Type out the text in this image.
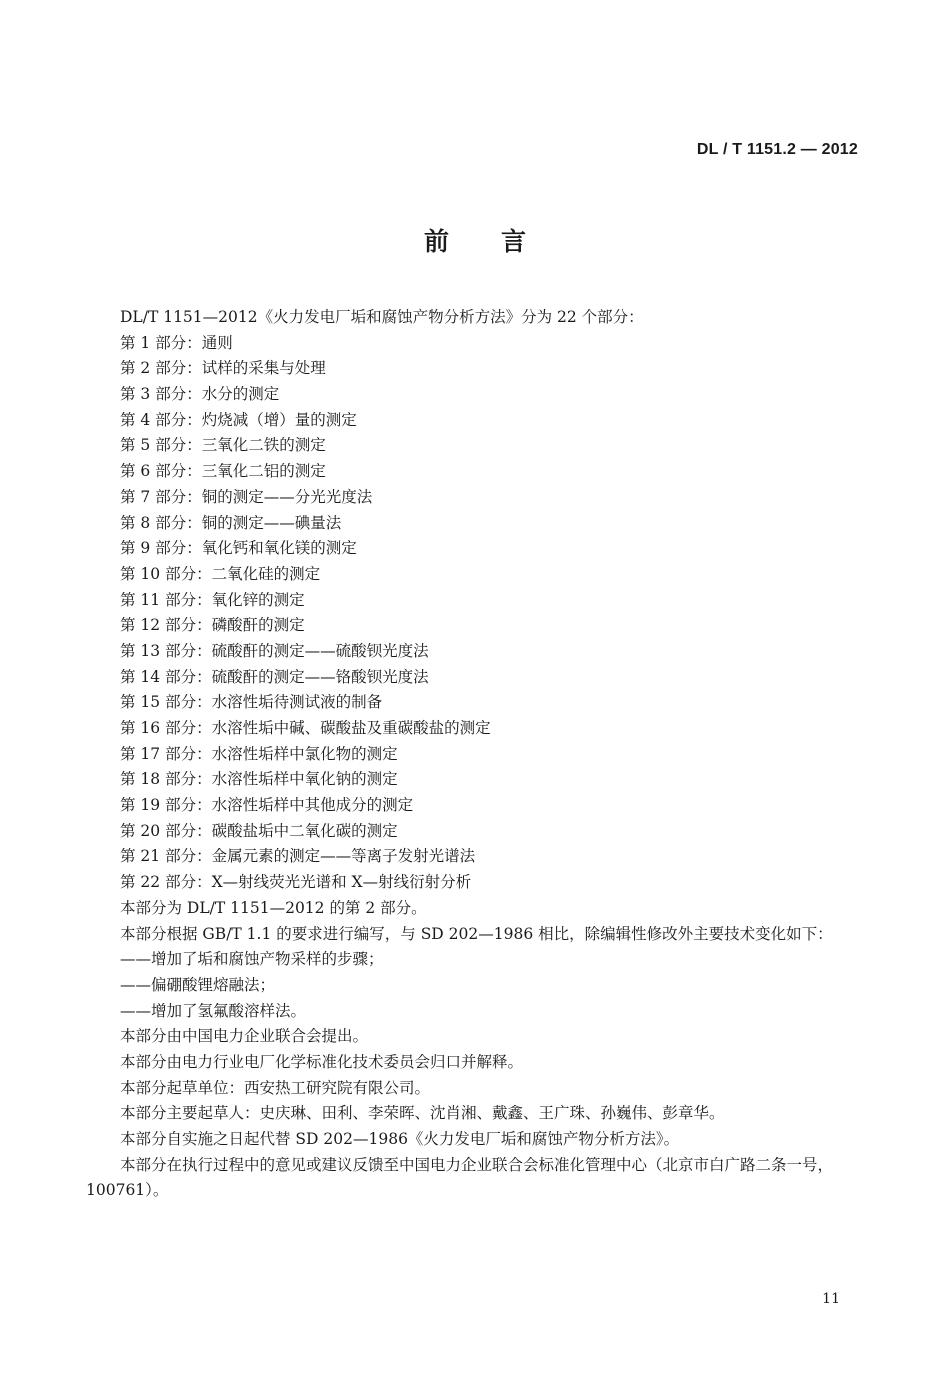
DL / T 1151.2 — 2012
前 言
DL/T 1151—2012《火力发电厂垢和腐蚀产物分析方法》分为 22 个部分：
第 1 部分：通则
第 2 部分：试样的采集与处理
第 3 部分：水分的测定
第 4 部分：灼烧减（增）量的测定
第 5 部分：三氧化二铁的测定
第 6 部分：三氧化二铝的测定
第 7 部分：铜的测定——分光光度法
第 8 部分：铜的测定——碘量法
第 9 部分：氧化钙和氧化镁的测定
第 10 部分：二氧化硅的测定
第 11 部分：氧化锌的测定
第 12 部分：磷酸酐的测定
第 13 部分：硫酸酐的测定——硫酸钡光度法
第 14 部分：硫酸酐的测定——铬酸钡光度法
第 15 部分：水溶性垢待测试液的制备
第 16 部分：水溶性垢中碱、碳酸盐及重碳酸盐的测定
第 17 部分：水溶性垢样中氯化物的测定
第 18 部分：水溶性垢样中氧化钠的测定
第 19 部分：水溶性垢样中其他成分的测定
第 20 部分：碳酸盐垢中二氧化碳的测定
第 21 部分：金属元素的测定——等离子发射光谱法
第 22 部分：X—射线荧光光谱和 X—射线衍射分析
本部分为 DL/T 1151—2012 的第 2 部分。
本部分根据 GB/T 1.1 的要求进行编写，与 SD 202—1986 相比，除编辑性修改外主要技术变化如下：
——增加了垢和腐蚀产物采样的步骤；
——偏硼酸锂熔融法；
——增加了氢氟酸溶样法。
本部分由中国电力企业联合会提出。
本部分由电力行业电厂化学标准化技术委员会归口并解释。
本部分起草单位：西安热工研究院有限公司。
本部分主要起草人：史庆琳、田利、李荣晖、沈肖湘、戴鑫、王广珠、孙巍伟、彭章华。
本部分自实施之日起代替 SD 202—1986《火力发电厂垢和腐蚀产物分析方法》。
本部分在执行过程中的意见或建议反馈至中国电力企业联合会标准化管理中心（北京市白广路二条一号，100761）。
11
